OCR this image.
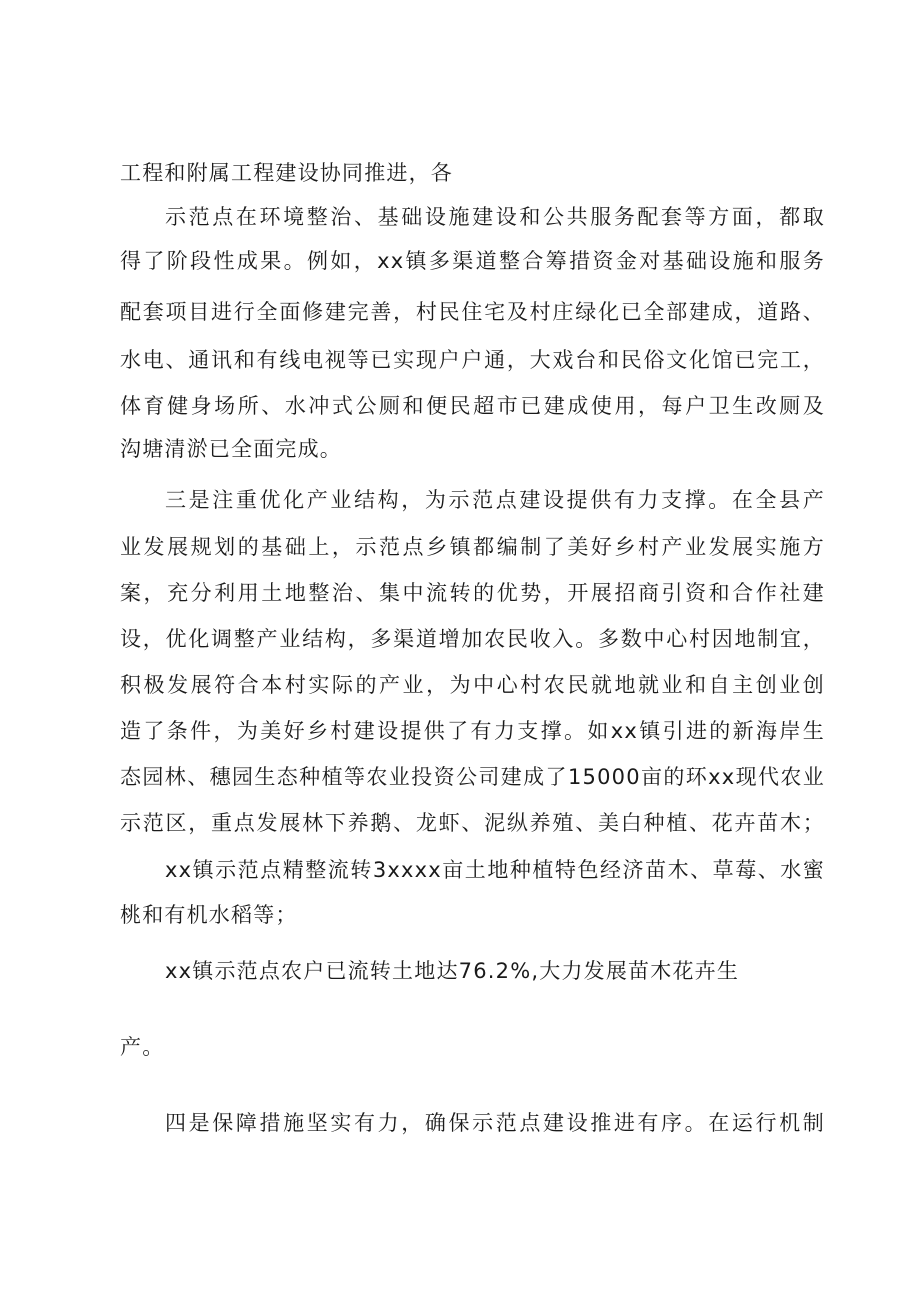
工程和附属工程建设协同推进，各
示范点在环境整治、基础设施建设和公共服务配套等方面，都取
得了阶段性成果。例如，xx镇多渠道整合筹措资金对基础设施和服务
配套项目进行全面修建完善，村民住宅及村庄绿化已全部建成，道路、
水电、通讯和有线电视等已实现户户通，大戏台和民俗文化馆已完工，
体育健身场所、水冲式公厕和便民超市已建成使用，每户卫生改厕及
沟塘清淤已全面完成。
三是注重优化产业结构，为示范点建设提供有力支撑。在全县产
业发展规划的基础上，示范点乡镇都编制了美好乡村产业发展实施方
案，充分利用土地整治、集中流转的优势，开展招商引资和合作社建
设，优化调整产业结构，多渠道增加农民收入。多数中心村因地制宜，
积极发展符合本村实际的产业，为中心村农民就地就业和自主创业创
造了条件，为美好乡村建设提供了有力支撑。如xx镇引进的新海岸生
态园林、穗园生态种植等农业投资公司建成了15000亩的环xx现代农业
示范区，重点发展林下养鹅、龙虾、泥纵养殖、美白种植、花卉苗木；
xx镇示范点精整流转3xxxx亩土地种植特色经济苗木、草莓、水蜜
桃和有机水稻等；
xx镇示范点农户已流转土地达76.2%,大力发展苗木花卉生
产。
四是保障措施坚实有力，确保示范点建设推进有序。在运行机制
